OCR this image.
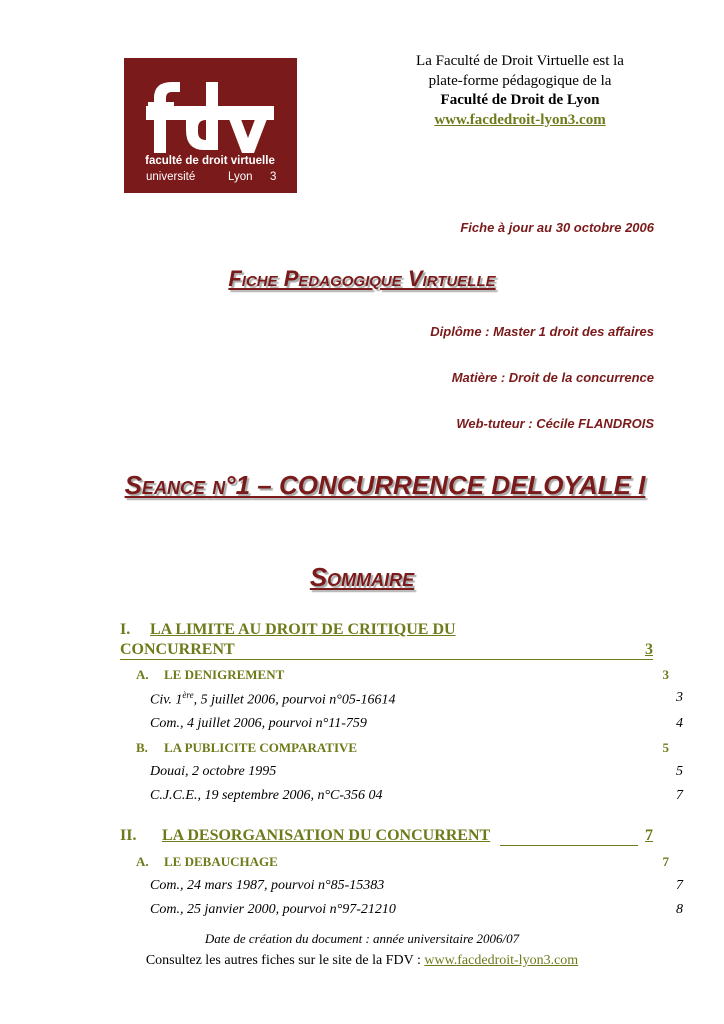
faculté de droit virtuelle
université	Lyon 3
La Faculté de Droit Virtuelle est la
plate-forme pédagogique de la
Faculté de Droit de Lyon
www.facdedroit-lyon3.com
Fiche à jour au 30 octobre 2006
Fiche Pedagogique Virtuelle
Diplôme : Master 1 droit des affaires
Matière : Droit de la concurrence
Web-tuteur : Cécile FLANDROIS
Seance n°1 – CONCURRENCE DELOYALE I
Sommaire
I. LA LIMITE AU DROIT DE CRITIQUE DU
CONCURRENT	3
A. LE DENIGREMENT	3
Civ. 1ère, 5 juillet 2006, pourvoi n°05-16614	3
Com., 4 juillet 2006, pourvoi n°11-759	4
B. LA PUBLICITE COMPARATIVE	5
Douai, 2 octobre 1995	5
C.J.C.E., 19 septembre 2006, n°C-356 04	7
II. LA DESORGANISATION DU CONCURRENT	7
A. LE DEBAUCHAGE	7
Com., 24 mars 1987, pourvoi n°85-15383	7
Com., 25 janvier 2000, pourvoi n°97-21210	8
Date de création du document : année universitaire 2006/07
Consultez les autres fiches sur le site de la FDV : www.facdedroit-lyon3.com
